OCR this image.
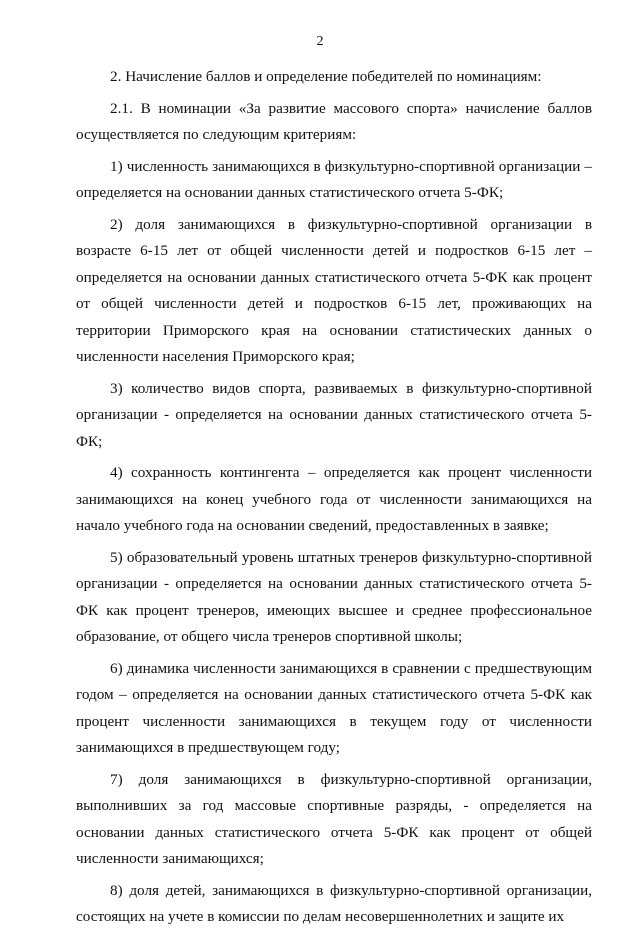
2

2. Начисление баллов и определение победителей по номинациям:

2.1. В номинации «За развитие массового спорта» начисление баллов осуществляется по следующим критериям:

1) численность занимающихся в физкультурно-спортивной организации – определяется на основании данных статистического отчета 5-ФК;

2) доля занимающихся в физкультурно-спортивной организации в возрасте 6-15 лет от общей численности детей и подростков 6-15 лет – определяется на основании данных статистического отчета 5-ФК как процент от общей численности детей и подростков 6-15 лет, проживающих на территории Приморского края на основании статистических данных о численности населения Приморского края;

3) количество видов спорта, развиваемых в физкультурно-спортивной организации - определяется на основании данных статистического отчета 5-ФК;

4) сохранность контингента – определяется как процент численности занимающихся на конец учебного года от численности занимающихся на начало учебного года на основании сведений, предоставленных в заявке;

5) образовательный уровень штатных тренеров физкультурно-спортивной организации - определяется на основании данных статистического отчета 5-ФК как процент тренеров, имеющих высшее и среднее профессиональное образование, от общего числа тренеров спортивной школы;

6) динамика численности занимающихся в сравнении с предшествующим годом – определяется на основании данных статистического отчета 5-ФК как процент численности занимающихся в текущем году от численности занимающихся в предшествующем году;

7) доля занимающихся в физкультурно-спортивной организации, выполнивших за год массовые спортивные разряды, - определяется на основании данных статистического отчета 5-ФК как процент от общей численности занимающихся;

8) доля детей, занимающихся в физкультурно-спортивной организации, состоящих на учете в комиссии по делам несовершеннолетних и защите их
